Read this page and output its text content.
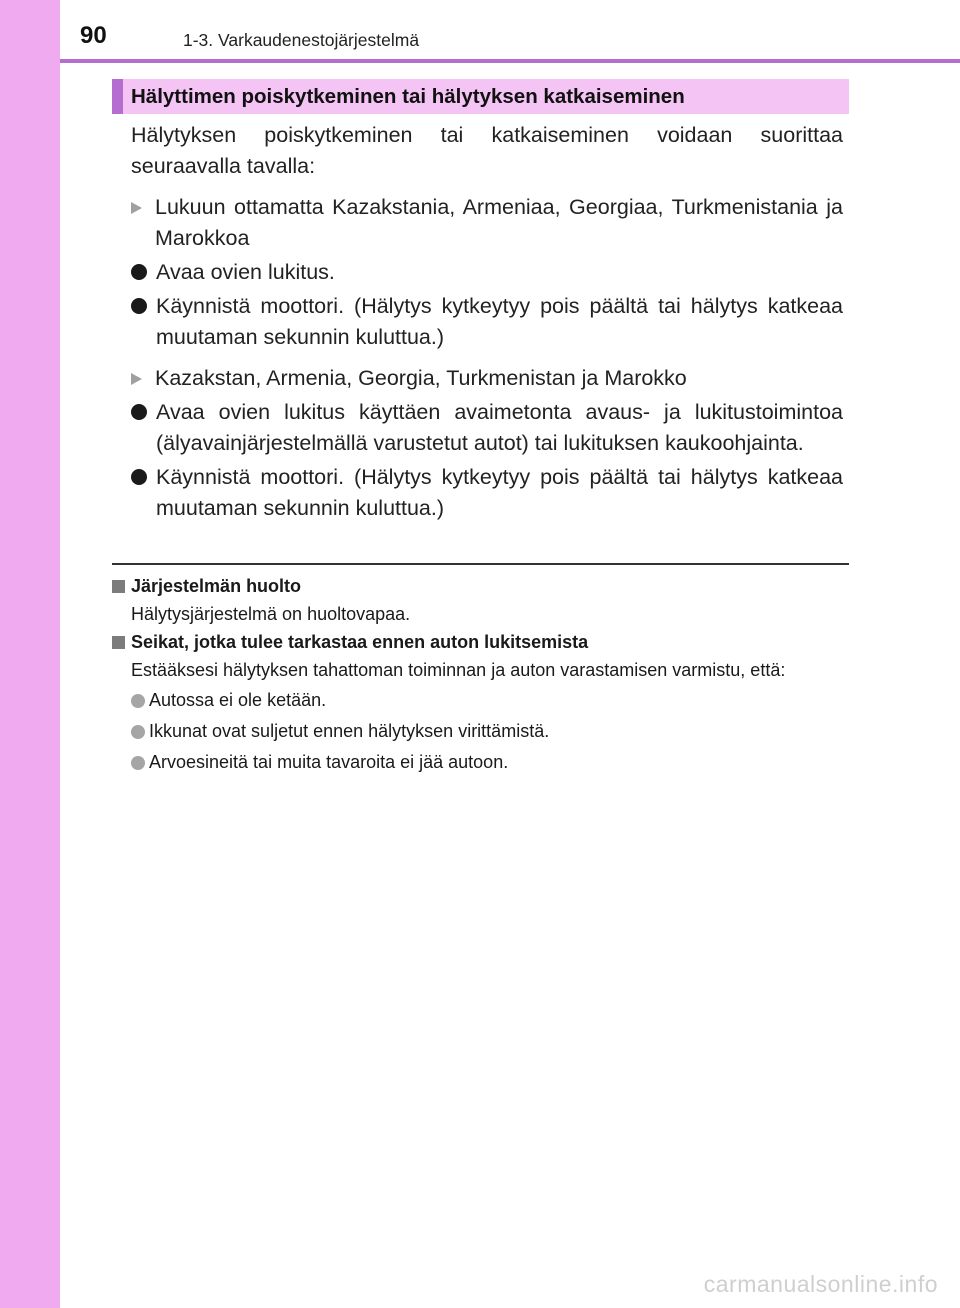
90	1-3. Varkaudenestojärjestelmä
Hälyttimen poiskytkeminen tai hälytyksen katkaiseminen

Hälytyksen poiskytkeminen tai katkaiseminen voidaan suorittaa seuraavalla tavalla:

Lukuun ottamatta Kazakstania, Armeniaa, Georgiaa, Turkmenistania ja Marokkoa
Avaa ovien lukitus.
Käynnistä moottori. (Hälytys kytkeytyy pois päältä tai hälytys katkeaa muutaman sekunnin kuluttua.)
Kazakstan, Armenia, Georgia, Turkmenistan ja Marokko
Avaa ovien lukitus käyttäen avaimetonta avaus- ja lukitustoimintoa (älyavainjärjestelmällä varustetut autot) tai lukituksen kaukoohjainta.
Käynnistä moottori. (Hälytys kytkeytyy pois päältä tai hälytys katkeaa muutaman sekunnin kuluttua.)
Järjestelmän huolto

Hälytysjärjestelmä on huoltovapaa.

Seikat, jotka tulee tarkastaa ennen auton lukitsemista

Estääksesi hälytyksen tahattoman toiminnan ja auton varastamisen varmistu, että:

Autossa ei ole ketään.
Ikkunat ovat suljetut ennen hälytyksen virittämistä.
Arvoesineitä tai muita tavaroita ei jää autoon.
carmanualsonline.info
